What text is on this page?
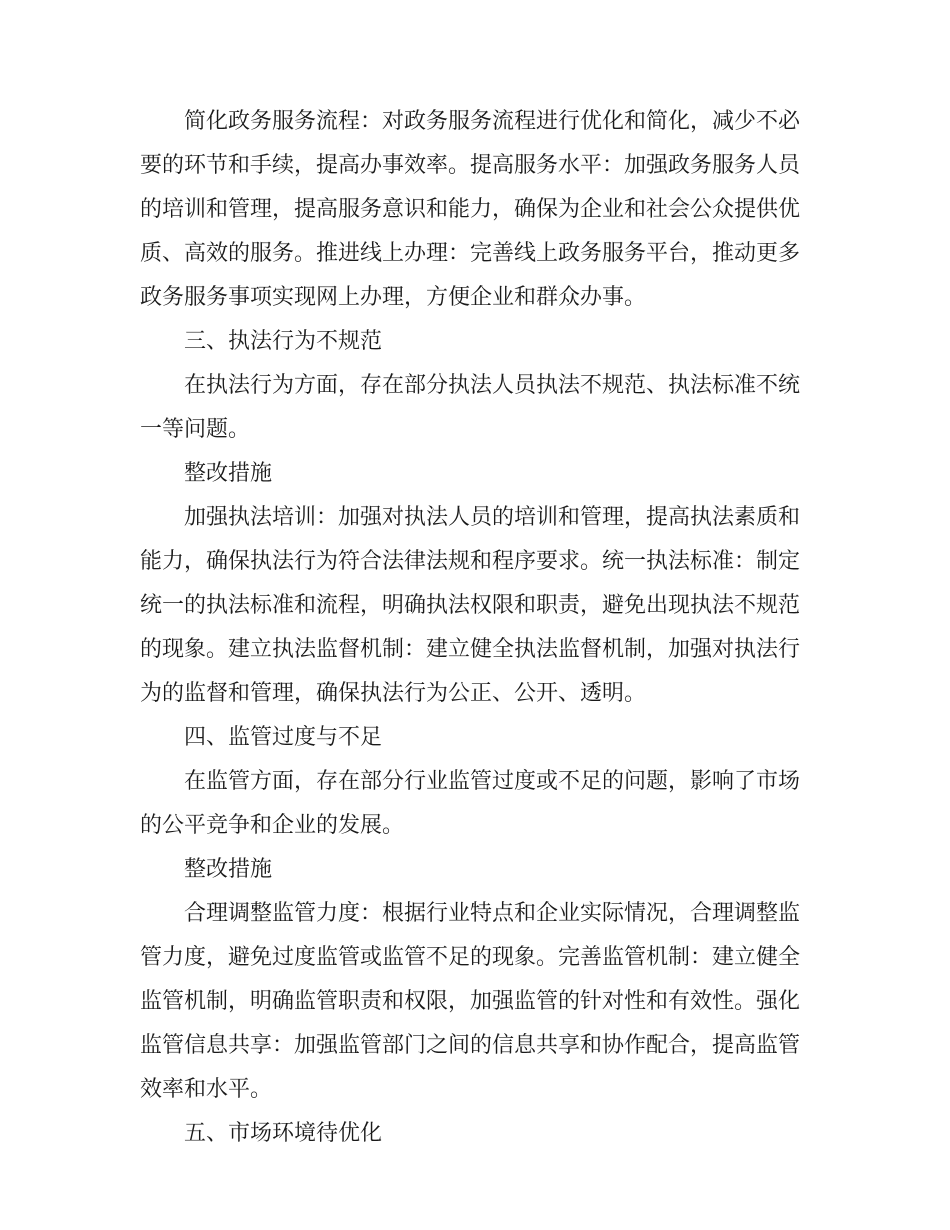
简化政务服务流程：对政务服务流程进行优化和简化，减少不必要的环节和手续，提高办事效率。提高服务水平：加强政务服务人员的培训和管理，提高服务意识和能力，确保为企业和社会公众提供优质、高效的服务。推进线上办理：完善线上政务服务平台，推动更多政务服务事项实现网上办理，方便企业和群众办事。

三、执法行为不规范

在执法行为方面，存在部分执法人员执法不规范、执法标准不统一等问题。

整改措施

加强执法培训：加强对执法人员的培训和管理，提高执法素质和能力，确保执法行为符合法律法规和程序要求。统一执法标准：制定统一的执法标准和流程，明确执法权限和职责，避免出现执法不规范的现象。建立执法监督机制：建立健全执法监督机制，加强对执法行为的监督和管理，确保执法行为公正、公开、透明。

四、监管过度与不足

在监管方面，存在部分行业监管过度或不足的问题，影响了市场的公平竞争和企业的发展。

整改措施

合理调整监管力度：根据行业特点和企业实际情况，合理调整监管力度，避免过度监管或监管不足的现象。完善监管机制：建立健全监管机制，明确监管职责和权限，加强监管的针对性和有效性。强化监管信息共享：加强监管部门之间的信息共享和协作配合，提高监管效率和水平。

五、市场环境待优化
